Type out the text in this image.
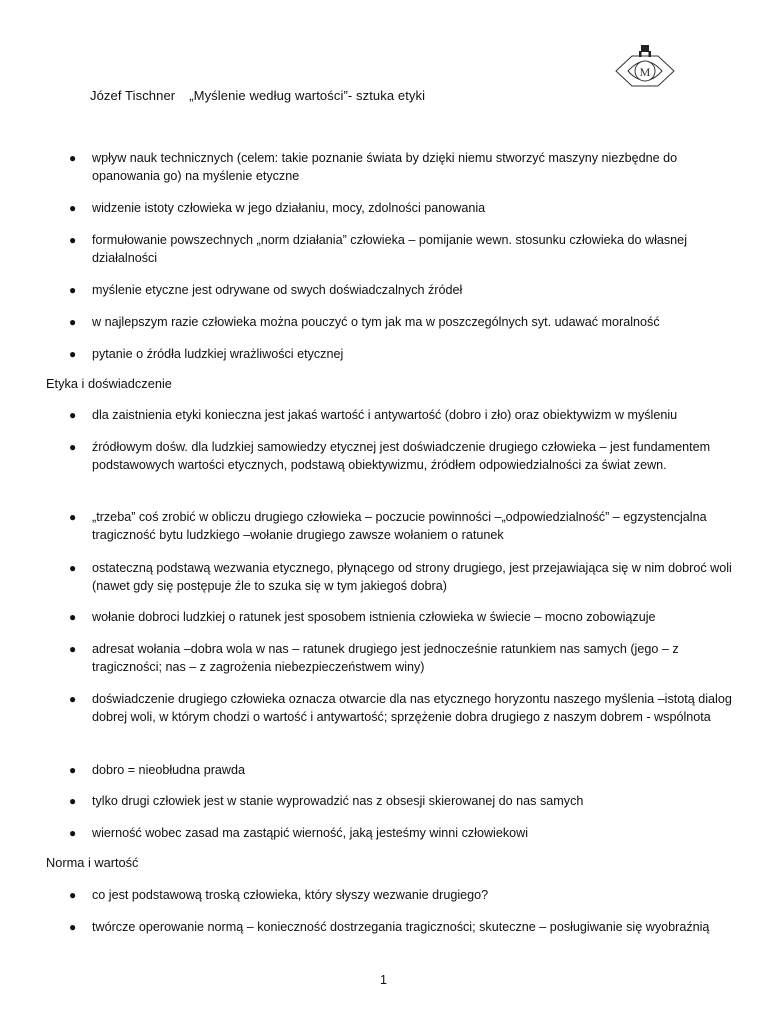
M
Józef Tischner „Myślenie według wartości”- sztuka etyki
● wpływ nauk technicznych (celem: takie poznanie świata by dzięki niemu stworzyć maszyny niezbędne do opanowania go) na myślenie etyczne
● widzenie istoty człowieka w jego działaniu, mocy, zdolności panowania
● formułowanie powszechnych „norm działania” człowieka – pomijanie wewn. stosunku człowieka do własnej działalności
● myślenie etyczne jest odrywane od swych doświadczalnych źródeł
● w najlepszym razie człowieka można pouczyć o tym jak ma w poszczególnych syt. udawać moralność
● pytanie o źródła ludzkiej wrażliwości etycznej
Etyka i doświadczenie
● dla zaistnienia etyki konieczna jest jakaś wartość i antywartość (dobro i zło) oraz obiektywizm w myśleniu
● źródłowym dośw. dla ludzkiej samowiedzy etycznej jest doświadczenie drugiego człowieka – jest fundamentem podstawowych wartości etycznych, podstawą obiektywizmu, źródłem odpowiedzialności za świat zewn.
● „trzeba” coś zrobić w obliczu drugiego człowieka – poczucie powinności –„odpowiedzialność” – egzystencjalna tragiczność bytu ludzkiego –wołanie drugiego zawsze wołaniem o ratunek
● ostateczną podstawą wezwania etycznego, płynącego od strony drugiego, jest przejawiająca się w nim dobroć woli (nawet gdy się postępuje źle to szuka się w tym jakiegoś dobra)
● wołanie dobroci ludzkiej o ratunek jest sposobem istnienia człowieka w świecie – mocno zobowiązuje
● adresat wołania –dobra wola w nas – ratunek drugiego jest jednocześnie ratunkiem nas samych (jego – z tragiczności; nas – z zagrożenia niebezpieczeństwem winy)
● doświadczenie drugiego człowieka oznacza otwarcie dla nas etycznego horyzontu naszego myślenia –istotą dialog dobrej woli, w którym chodzi o wartość i antywartość; sprzężenie dobra drugiego z naszym dobrem - wspólnota
● dobro = nieobłudna prawda
● tylko drugi człowiek jest w stanie wyprowadzić nas z obsesji skierowanej do nas samych
● wierność wobec zasad ma zastąpić wierność, jaką jesteśmy winni człowiekowi
Norma i wartość
● co jest podstawową troską człowieka, który słyszy wezwanie drugiego?
● twórcze operowanie normą – konieczność dostrzegania tragiczności; skuteczne – posługiwanie się wyobraźnią
1
